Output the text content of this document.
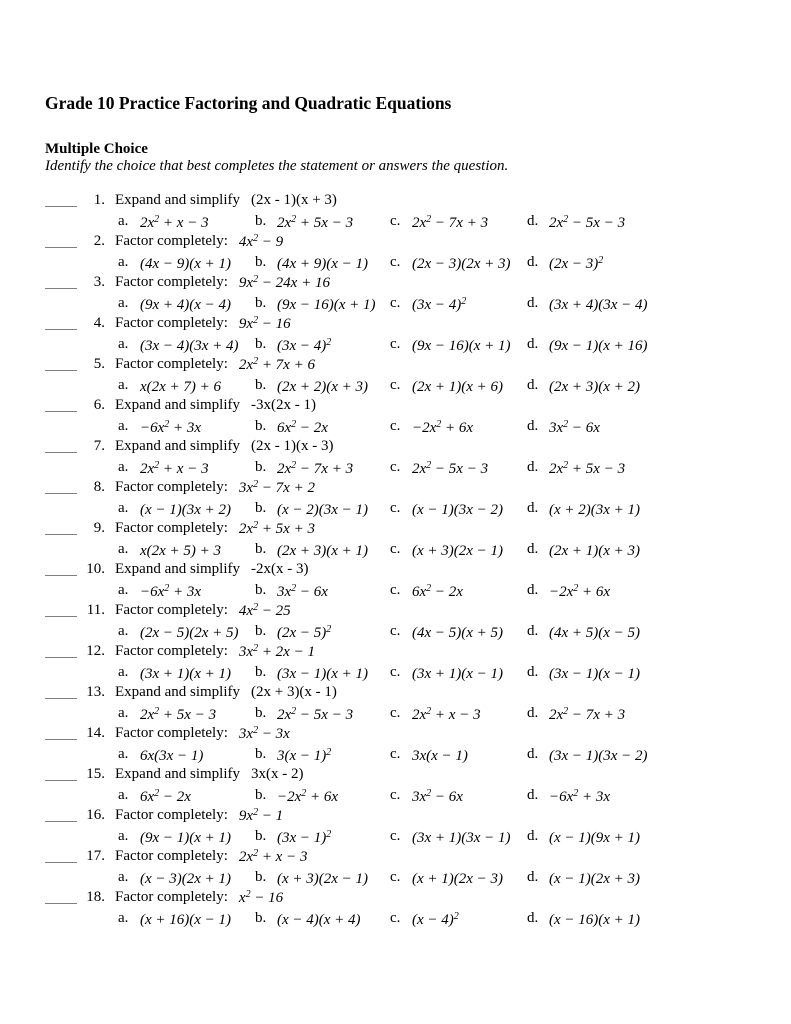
Grade 10 Practice Factoring and Quadratic Equations
Multiple Choice
Identify the choice that best completes the statement or answers the question.
1. Expand and simplify (2x - 1)(x + 3)
a. $2x^2 + x - 3$	b. $2x^2 + 5x - 3$ c. $2x^2 - 7x + 3$	d. $2x^2 - 5x - 3$
2. Factor completely: $4x^2 - 9$
a. (4x − 9)(x + 1) b. (4x + 9)(x − 1) c. (2x − 3)(2x + 3) d. $(2x - 3)^2$
3. Factor completely: $9x^2 - 24x + 16$
a. (9x + 4)(x − 4) b. (9x − 16)(x + 1) c. $(3x - 4)^2$	d. (3x + 4)(3x − 4)
4. Factor completely: $9x^2 - 16$
a. (3x − 4)(3x + 4) b. $(3x - 4)^2$	c. (9x − 16)(x + 1) d. (9x − 1)(x + 16)
5. Factor completely: $2x^2 + 7x + 6$
a. x(2x + 7) + 6 b. (2x + 2)(x + 3) c. (2x + 1)(x + 6) d. (2x + 3)(x + 2)
6. Expand and simplify -3x(2x - 1)
a. $-6x^2 + 3x$	b. $6x^2 - 2x$	c. $-2x^2 + 6x$	d. $3x^2 - 6x$
7. Expand and simplify (2x - 1)(x - 3)
a. $2x^2 + x - 3$	b. $2x^2 - 7x + 3$ c. $2x^2 - 5x - 3$	d. $2x^2 + 5x - 3$
8. Factor completely: $3x^2 - 7x + 2$
a. (x − 1)(3x + 2) b. (x − 2)(3x − 1) c. (x − 1)(3x − 2) d. (x + 2)(3x + 1)
9. Factor completely: $2x^2 + 5x + 3$
a. x(2x + 5) + 3 b. (2x + 3)(x + 1) c. (x + 3)(2x − 1) d. (2x + 1)(x + 3)
10. Expand and simplify -2x(x - 3)
a. $-6x^2 + 3x$	b. $3x^2 - 6x$	c. $6x^2 - 2x$	d. $-2x^2 + 6x$
11. Factor completely: $4x^2 - 25$
a. (2x − 5)(2x + 5) b. $(2x - 5)^2$	c. (4x − 5)(x + 5) d. (4x + 5)(x − 5)
12. Factor completely: $3x^2 + 2x - 1$
a. (3x + 1)(x + 1) b. (3x − 1)(x + 1) c. (3x + 1)(x − 1) d. (3x − 1)(x − 1)
13. Expand and simplify (2x + 3)(x - 1)
a. $2x^2 + 5x - 3$	b. $2x^2 - 5x - 3$ c. $2x^2 + x - 3$	d. $2x^2 - 7x + 3$
14. Factor completely: $3x^2 - 3x$
a. 6x(3x − 1)	b. $3(x - 1)^2$	c. 3x(x − 1)	d. (3x − 1)(3x − 2)
15. Expand and simplify 3x(x - 2)
a. $6x^2 - 2x$	b. $-2x^2 + 6x$	c. $3x^2 - 6x$	d. $-6x^2 + 3x$
16. Factor completely: $9x^2 - 1$
a. (9x − 1)(x + 1) b. $(3x - 1)^2$	c. (3x + 1)(3x − 1) d. (x − 1)(9x + 1)
17. Factor completely: $2x^2 + x - 3$
a. (x − 3)(2x + 1) b. (x + 3)(2x − 1) c. (x + 1)(2x − 3) d. (x − 1)(2x + 3)
18. Factor completely: $x^2 - 16$
a. (x + 16)(x − 1) b. (x − 4)(x + 4) c. $(x - 4)^2$	d. (x − 16)(x + 1)
